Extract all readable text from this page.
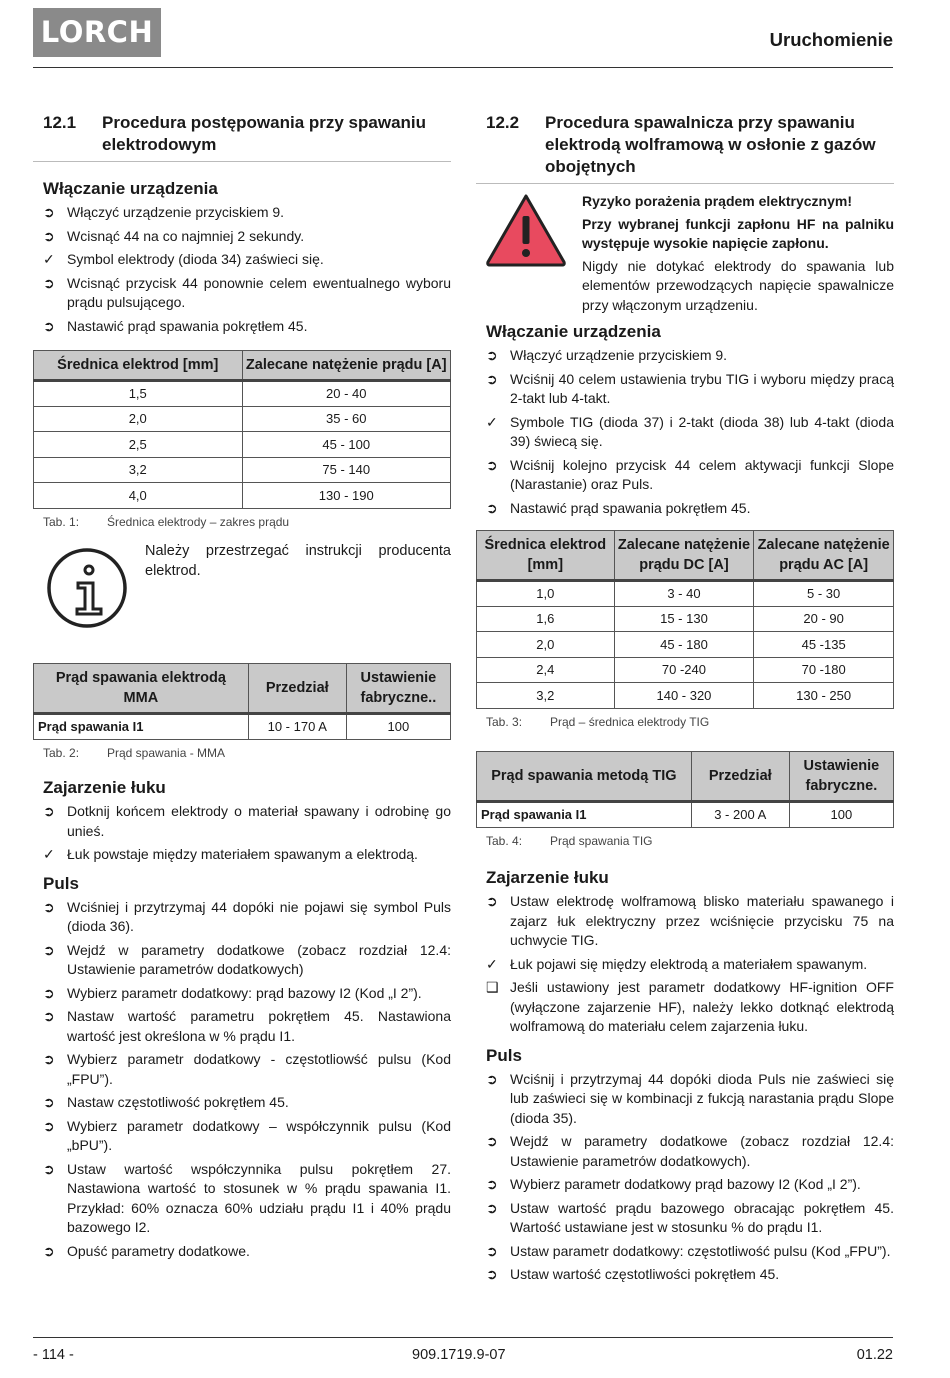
LORCH	Uruchomienie
12.1	Procedura postępowania przy spawaniu elektrodowym
Włączanie urządzenia
➲ Włączyć urządzenie przyciskiem 9.
➲ Wcisnąć 44 na co najmniej 2 sekundy.
✓ Symbol elektrody (dioda 34) zaświeci się.
➲ Wcisnąć przycisk 44 ponownie celem ewentualnego wyboru prądu pulsującego.
➲ Nastawić prąd spawania pokrętłem 45.
Średnica elektrod [mm]	Zalecane natężenie prądu [A]
1,5	20 - 40
2,0	35 - 60
2,5	45 - 100
3,2	75 - 140
4,0	130 - 190
Tab. 1:	Średnica elektrody – zakres prądu
Należy przestrzegać instrukcji producenta elektrod.
Prąd spawania elektrodą MMA	Przedział	Ustawienie fabryczne..
Prąd spawania I1	10 - 170 A	100
Tab. 2:	Prąd spawania - MMA
Zajarzenie łuku
➲ Dotknij końcem elektrody o materiał spawany i odrobinę go unieś.
✓ Łuk powstaje między materiałem spawanym a elektrodą.
Puls
➲ Wciśniej i przytrzymaj 44 dopóki nie pojawi się symbol Puls (dioda 36).
➲ Wejdź w parametry dodatkowe (zobacz rozdział 12.4: Ustawienie parametrów dodatkowych)
➲ Wybierz parametr dodatkowy: prąd bazowy I2 (Kod „I 2”).
➲ Nastaw wartość parametru pokrętłem 45. Nastawiona wartość jest określona w % prądu I1.
➲ Wybierz parametr dodatkowy - częstotliowść pulsu (Kod „FPU”).
➲ Nastaw częstotliwość pokrętłem 45.
➲ Wybierz parametr dodatkowy – współczynnik pulsu (Kod „bPU”).
➲ Ustaw wartość współczynnika pulsu pokrętłem 27. Nastawiona wartość to stosunek w % prądu spawania I1. Przykład: 60% oznacza 60% udziału prądu I1 i 40% prądu bazowego I2.
➲ Opuść parametry dodatkowe.
12.2	Procedura spawalnicza przy spawaniu elektrodą wolframową w osłonie z gazów obojętnych
Ryzyko porażenia prądem elektrycznym!
Przy wybranej funkcji zapłonu HF na palniku występuje wysokie napięcie zapłonu.
Nigdy nie dotykać elektrody do spawania lub elementów przewodzących napięcie spawalnicze przy włączonym urządzeniu.
Włączanie urządzenia
➲ Włączyć urządzenie przyciskiem 9.
➲ Wciśnij 40 celem ustawienia trybu TIG i wyboru między pracą 2-takt lub 4-takt.
✓ Symbole TIG (dioda 37) i 2-takt (dioda 38) lub 4-takt (dioda 39) świecą się.
➲ Wciśnij kolejno przycisk 44 celem aktywacji funkcji Slope (Narastanie) oraz Puls.
➲ Nastawić prąd spawania pokrętłem 45.
Średnica elektrod [mm]	Zalecane natężenie prądu DC [A]	Zalecane natężenie prądu AC [A]
1,0	3 - 40	5 - 30
1,6	15 - 130	20 - 90
2,0	45 - 180	45 -135
2,4	70 -240	70 -180
3,2	140 - 320	130 - 250
Tab. 3:	Prąd – średnica elektrody TIG
Prąd spawania metodą TIG	Przedział	Ustawienie fabryczne.
Prąd spawania I1	3 - 200 A	100
Tab. 4:	Prąd spawania TIG
Zajarzenie łuku
➲ Ustaw elektrodę wolframową blisko materiału spawanego i zajarz łuk elektryczny przez wciśnięcie przycisku 75 na uchwycie TIG.
✓ Łuk pojawi się między elektrodą a materiałem spawanym.
❑ Jeśli ustawiony jest parametr dodatkowy HF-ignition OFF (wyłączone zajarzenie HF), należy lekko dotknąć elektrodą wolframową do materiału celem zajarzenia łuku.
Puls
➲ Wciśnij i przytrzymaj 44 dopóki dioda Puls nie zaświeci się lub zaświeci się w kombinacji z fukcją narastania prądu Slope (dioda 35).
➲ Wejdź w parametry dodatkowe (zobacz rozdział 12.4: Ustawienie parametrów dodatkowych).
➲ Wybierz parametr dodatkowy prąd bazowy I2 (Kod „I 2”).
➲ Ustaw wartość prądu bazowego obracając pokrętłem 45. Wartość ustawiane jest w stosunku % do prądu I1.
➲ Ustaw parametr dodatkowy: częstotliwość pulsu (Kod „FPU”).
➲ Ustaw wartość częstotliwości pokrętłem 45.
- 114 -	909.1719.9-07	01.22
